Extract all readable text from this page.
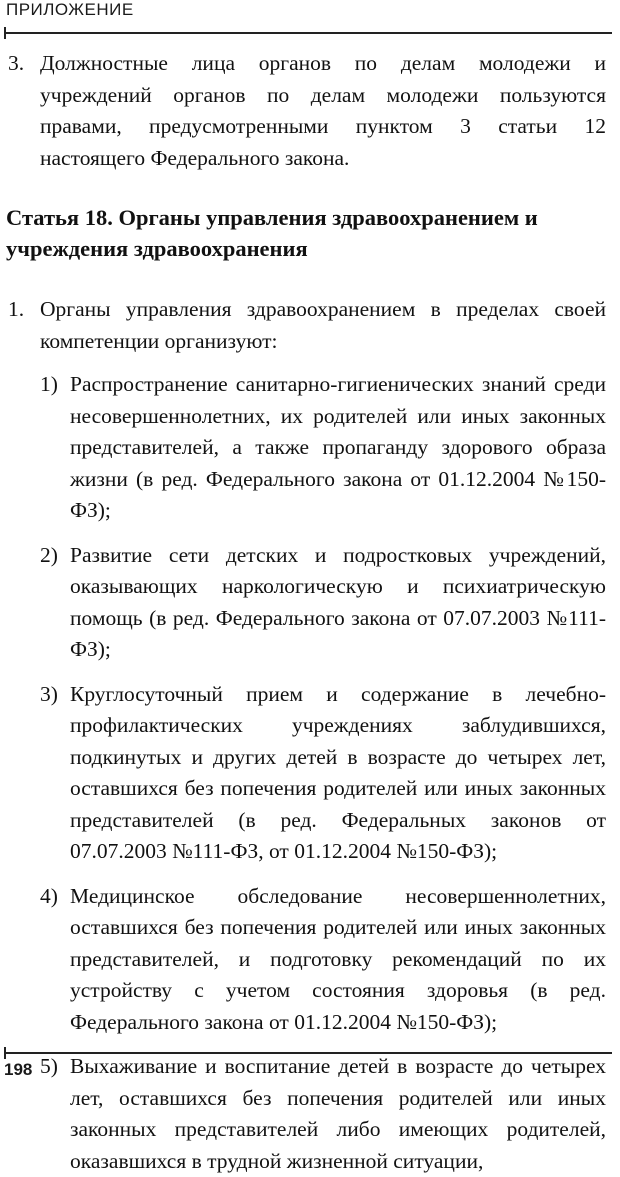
ПРИЛОЖЕНИЕ

3. Должностные лица органов по делам молодежи и учреждений органов по делам молодежи пользуются правами, предусмотренными пунктом 3 статьи 12 настоящего Федерального закона.

Статья 18. Органы управления здравоохранением и учреждения здравоохранения

1. Органы управления здравоохранением в пределах своей компетенции организуют:

1) Распространение санитарно-гигиенических знаний среди несовершеннолетних, их родителей или иных законных представителей, а также пропаганду здорового образа жизни (в ред. Федерального закона от 01.12.2004 №150-ФЗ);

2) Развитие сети детских и подростковых учреждений, оказывающих наркологическую и психиатрическую помощь (в ред. Федерального закона от 07.07.2003 №111-ФЗ);

3) Круглосуточный прием и содержание в лечебно-профилактических учреждениях заблудившихся, подкинутых и других детей в возрасте до четырех лет, оставшихся без попечения родителей или иных законных представителей (в ред. Федеральных законов от 07.07.2003 №111-ФЗ, от 01.12.2004 №150-ФЗ);

4) Медицинское обследование несовершеннолетних, оставшихся без попечения родителей или иных законных представителей, и подготовку рекомендаций по их устройству с учетом состояния здоровья (в ред. Федерального закона от 01.12.2004 №150-ФЗ);

5) Выхаживание и воспитание детей в возрасте до четырех лет, оставшихся без попечения родителей или иных законных представителей либо имеющих родителей, оказавшихся в трудной жизненной ситуации,

198
